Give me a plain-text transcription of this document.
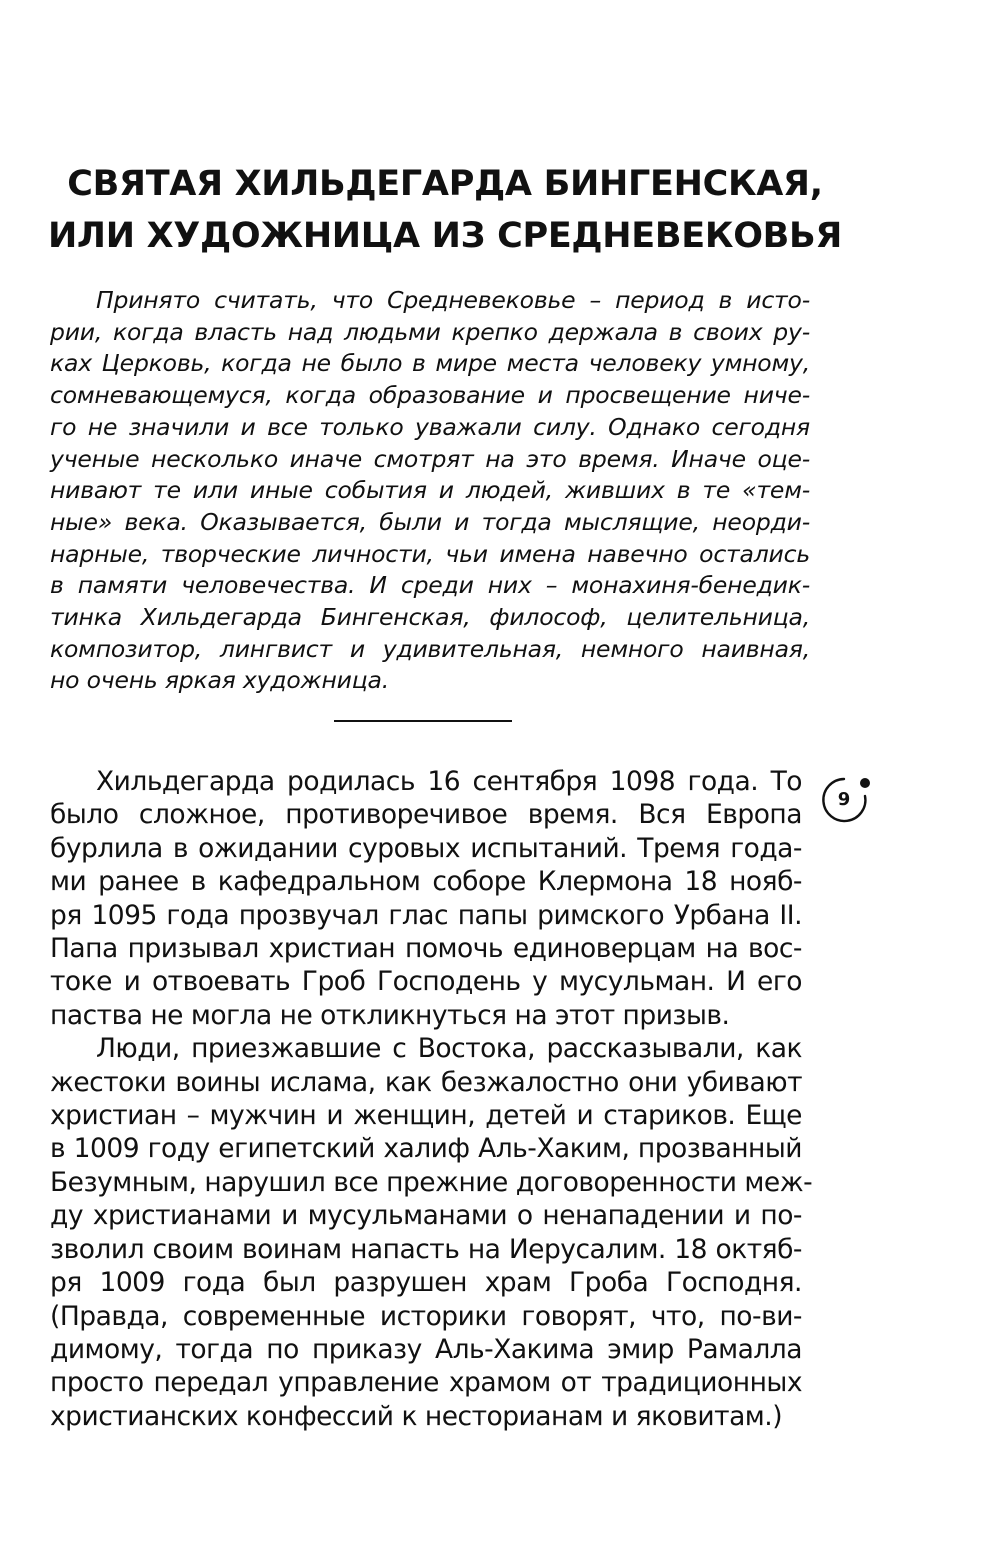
СВЯТАЯ ХИЛЬДЕГАРДА БИНГЕНСКАЯ,
ИЛИ ХУДОЖНИЦА ИЗ СРЕДНЕВЕКОВЬЯ
Принято считать, что Средневековье – период в исто-
рии, когда власть над людьми крепко держала в своих ру-
ках Церковь, когда не было в мире места человеку умному,
сомневающемуся, когда образование и просвещение ниче-
го не значили и все только уважали силу. Однако сегодня
ученые несколько иначе смотрят на это время. Иначе оце-
нивают те или иные события и людей, живших в те «тем-
ные» века. Оказывается, были и тогда мыслящие, неорди-
нарные, творческие личности, чьи имена навечно остались
в памяти человечества. И среди них – монахиня-бенедик-
тинка Хильдегарда Бингенская, философ, целительница,
композитор, лингвист и удивительная, немного наивная,
но очень яркая художница.
Хильдегарда родилась 16 сентября 1098 года. То
было сложное, противоречивое время. Вся Европа
бурлила в ожидании суровых испытаний. Тремя года-
ми ранее в кафедральном соборе Клермона 18 нояб-
ря 1095 года прозвучал глас папы римского Урбана II.
Папа призывал христиан помочь единоверцам на вос-
токе и отвоевать Гроб Господень у мусульман. И его
паства не могла не откликнуться на этот призыв.
Люди, приезжавшие с Востока, рассказывали, как
жестоки воины ислама, как безжалостно они убивают
христиан – мужчин и женщин, детей и стариков. Еще
в 1009 году египетский халиф Аль-Хаким, прозванный
Безумным, нарушил все прежние договоренности меж-
ду христианами и мусульманами о ненападении и по-
зволил своим воинам напасть на Иерусалим. 18 октяб-
ря 1009 года был разрушен храм Гроба Господня.
(Правда, современные историки говорят, что, по-ви-
димому, тогда по приказу Аль-Хакима эмир Рамалла
просто передал управление храмом от традиционных
христианских конфессий к несторианам и яковитам.)
9
